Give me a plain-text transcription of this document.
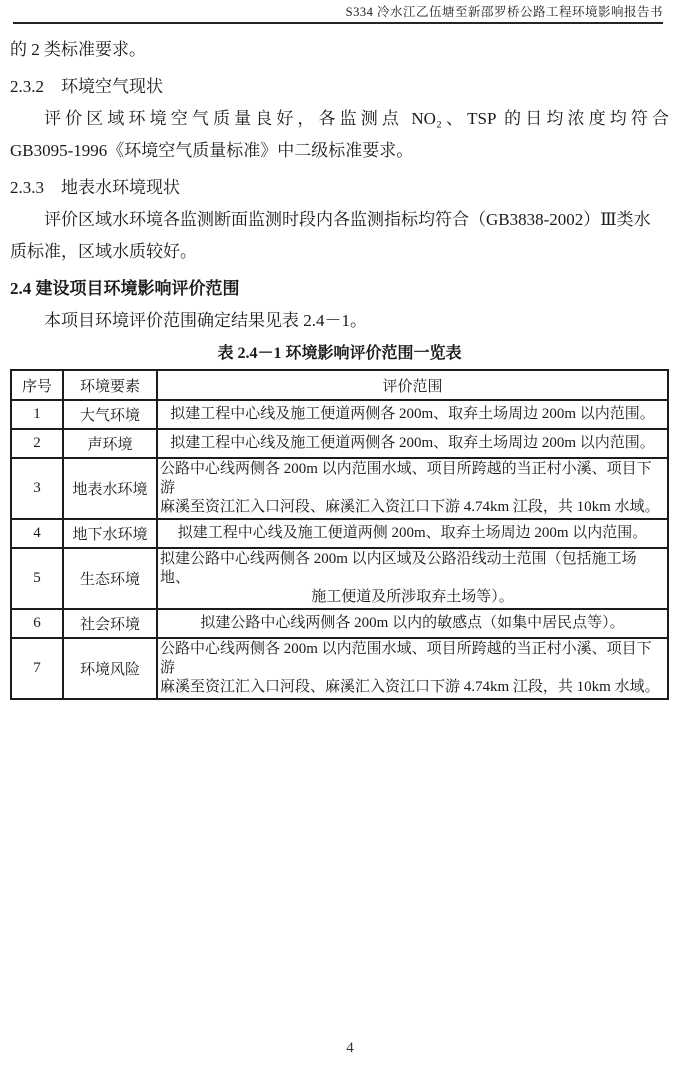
S334 冷水江乙伍塘至新邵罗桥公路工程环境影响报告书
的 2 类标准要求。
2.3.2　环境空气现状
评价区域环境空气质量良好，各监测点 NO₂、TSP 的日均浓度均符合
GB3095-1996《环境空气质量标准》中二级标准要求。
2.3.3　地表水环境现状
评价区域水环境各监测断面监测时段内各监测指标均符合（GB3838-2002）Ⅲ类水
质标准，区域水质较好。
2.4 建设项目环境影响评价范围
本项目环境评价范围确定结果见表 2.4－1。
表 2.4－1 环境影响评价范围一览表
序号	环境要素	评价范围
1	大气环境	拟建工程中心线及施工便道两侧各 200m、取弃土场周边 200m 以内范围。

2	声环境	拟建工程中心线及施工便道两侧各 200m、取弃土场周边 200m 以内范围。

3	地表水环境	公路中心线两侧各 200m 以内范围水域、项目所跨越的当正村小溪、项目下游
麻溪至资江汇入口河段、麻溪汇入资江口下游 4.74km 江段，共 10km 水域。

4	地下水环境	拟建工程中心线及施工便道两侧 200m、取弃土场周边 200m 以内范围。

5	生态环境	拟建公路中心线两侧各 200m 以内区域及公路沿线动土范围（包括施工场地、
施工便道及所涉取弃土场等）。

6	社会环境	拟建公路中心线两侧各 200m 以内的敏感点（如集中居民点等）。

7	环境风险	公路中心线两侧各 200m 以内范围水域、项目所跨越的当正村小溪、项目下游
麻溪至资江汇入口河段、麻溪汇入资江口下游 4.74km 江段，共 10km 水域。
4
